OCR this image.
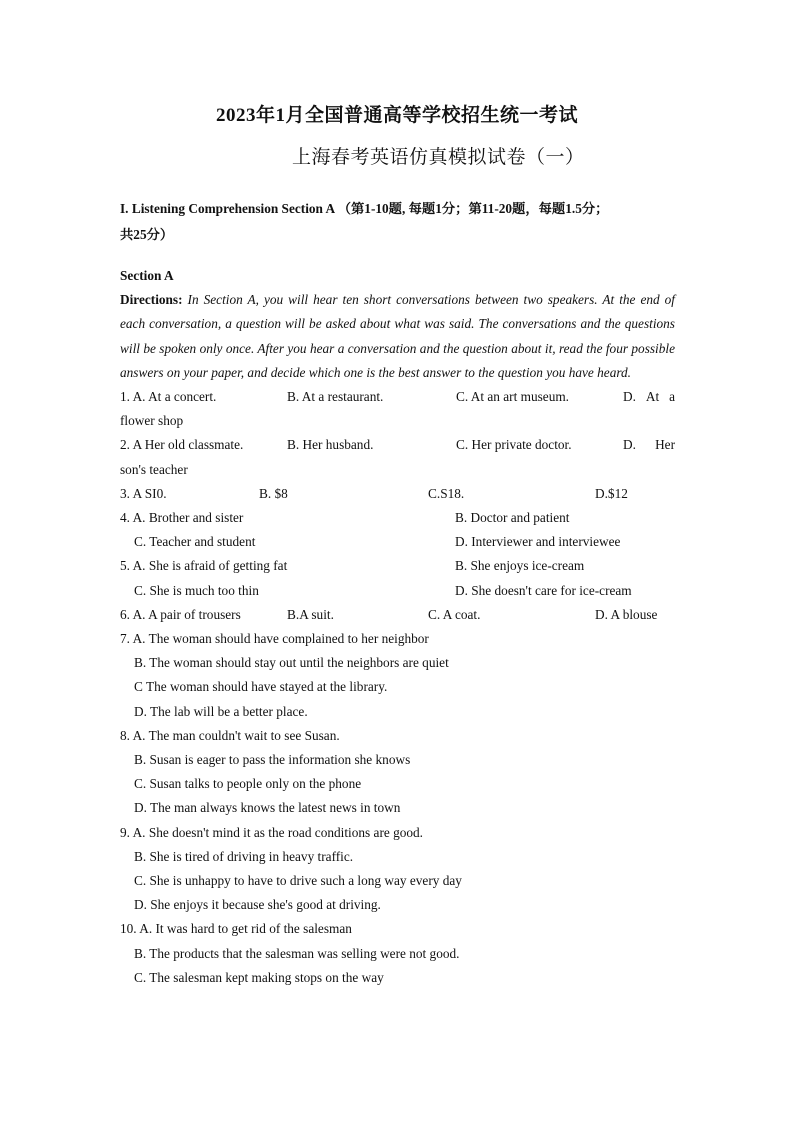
2023年1月全国普通高等学校招生统一考试
上海春考英语仿真模拟试卷（一）
I. Listening Comprehension Section A （第1-10题, 每题1分；第11-20题，每题1.5分；
共25分）
Section A
Directions: In Section A, you will hear ten short conversations between two speakers. At the end of each conversation, a question will be asked about what was said. The conversations and the questions will be spoken only once. After you hear a conversation and the question about it, read the four possible answers on your paper, and decide which one is the best answer to the question you have heard.
1. A. At a concert.	B. At a restaurant.	C. At an art museum.	D. At a
flower shop
2. A Her old classmate.	B. Her husband.	C. Her private doctor.	D. Her
son's teacher
3. A SI0.	B. $8	C.S18.	D.$12
4. A. Brother and sister	B. Doctor and patient
C. Teacher and student	D. Interviewer and interviewee
5. A. She is afraid of getting fat	B. She enjoys ice-cream
C. She is much too thin	D. She doesn't care for ice-cream
6. A. A pair of trousers	B.A suit.	C. A coat.	D. A blouse
7. A. The woman should have complained to her neighbor
B. The woman should stay out until the neighbors are quiet
C The woman should have stayed at the library.
D. The lab will be a better place.
8. A. The man couldn't wait to see Susan.
B. Susan is eager to pass the information she knows
C. Susan talks to people only on the phone
D. The man always knows the latest news in town
9. A. She doesn't mind it as the road conditions are good.
B. She is tired of driving in heavy traffic.
C. She is unhappy to have to drive such a long way every day
D. She enjoys it because she's good at driving.
10. A. It was hard to get rid of the salesman
B. The products that the salesman was selling were not good.
C. The salesman kept making stops on the way
